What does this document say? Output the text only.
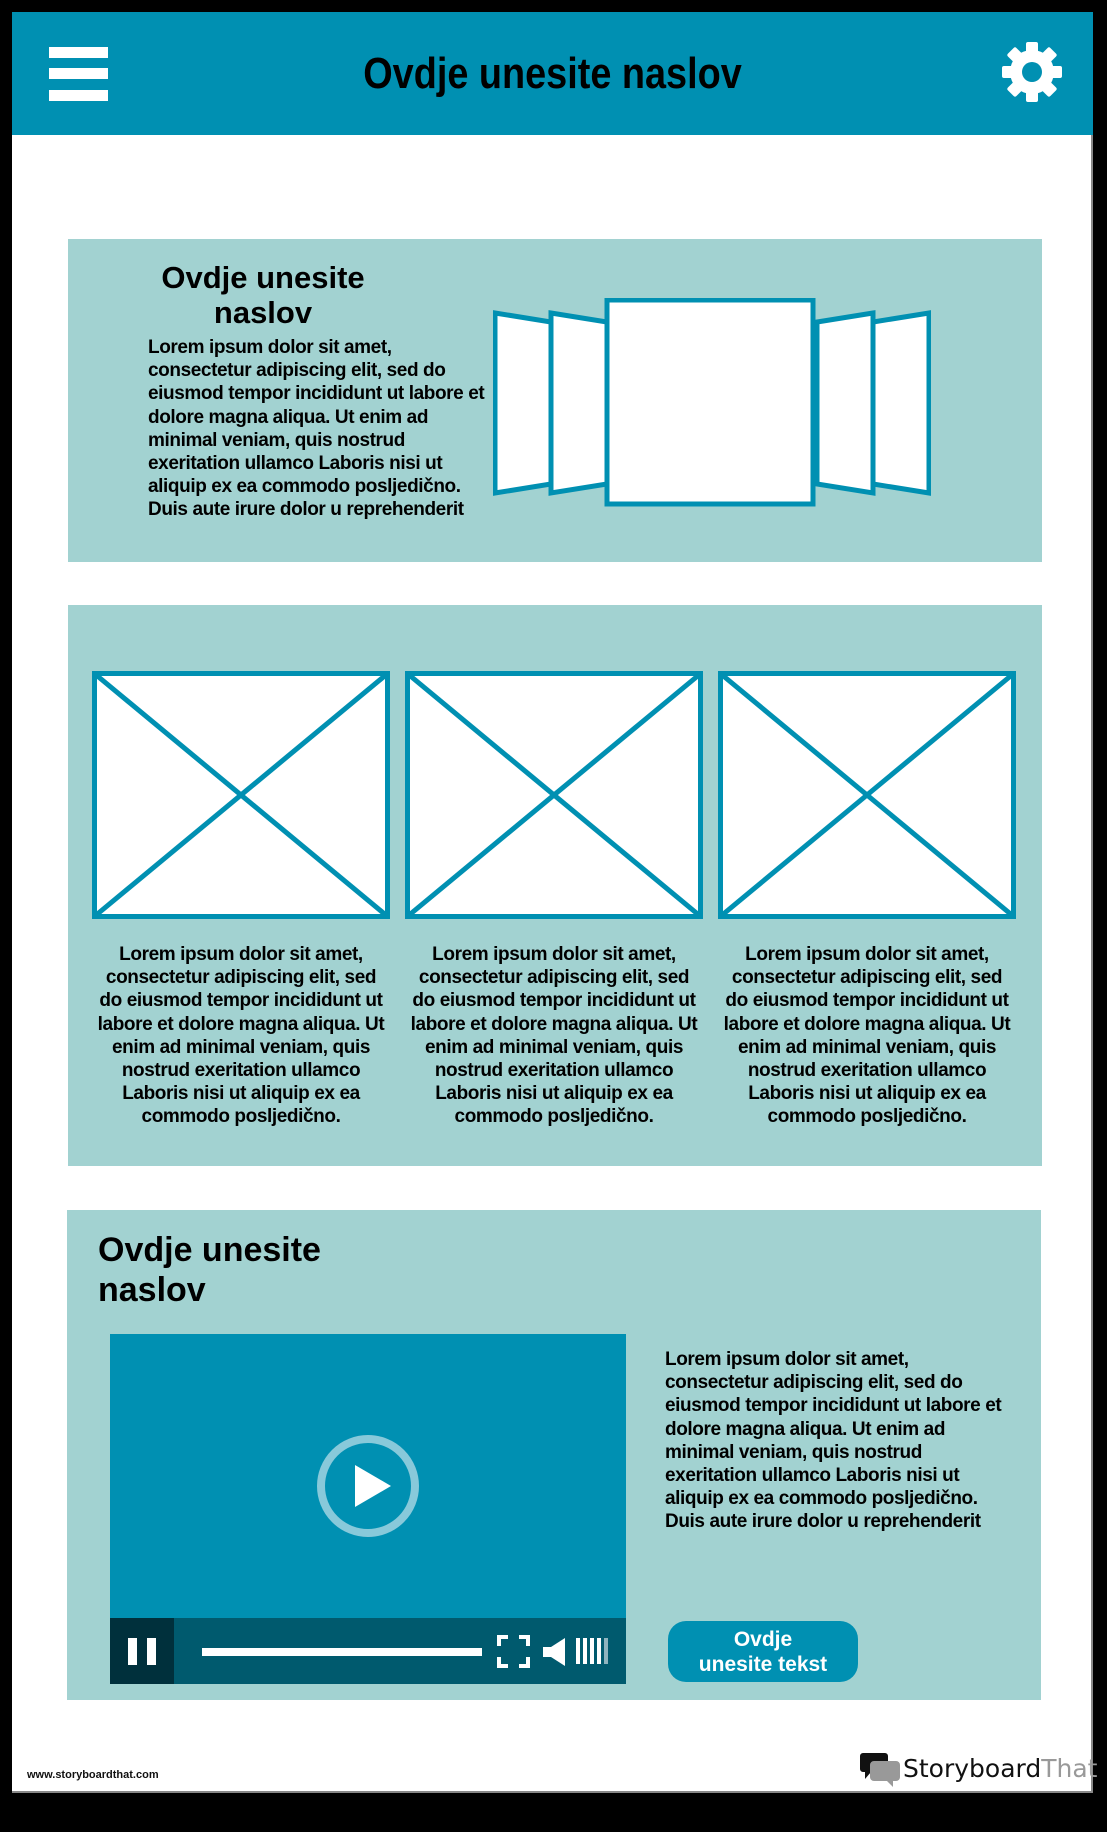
Ovdje unesite naslov
Ovdje unesite naslov
Lorem ipsum dolor sit amet, consectetur adipiscing elit, sed do eiusmod tempor incididunt ut labore et dolore magna aliqua. Ut enim ad minimal veniam, quis nostrud exeritation ullamco Laboris nisi ut aliquip ex ea commodo posljedično. Duis aute irure dolor u reprehenderit
Lorem ipsum dolor sit amet, consectetur adipiscing elit, sed do eiusmod tempor incididunt ut labore et dolore magna aliqua. Ut enim ad minimal veniam, quis nostrud exeritation ullamco Laboris nisi ut aliquip ex ea commodo posljedično.
Lorem ipsum dolor sit amet, consectetur adipiscing elit, sed do eiusmod tempor incididunt ut labore et dolore magna aliqua. Ut enim ad minimal veniam, quis nostrud exeritation ullamco Laboris nisi ut aliquip ex ea commodo posljedično.
Lorem ipsum dolor sit amet, consectetur adipiscing elit, sed do eiusmod tempor incididunt ut labore et dolore magna aliqua. Ut enim ad minimal veniam, quis nostrud exeritation ullamco Laboris nisi ut aliquip ex ea commodo posljedično.
Ovdje unesite naslov
Lorem ipsum dolor sit amet, consectetur adipiscing elit, sed do eiusmod tempor incididunt ut labore et dolore magna aliqua. Ut enim ad minimal veniam, quis nostrud exeritation ullamco Laboris nisi ut aliquip ex ea commodo posljedično. Duis aute irure dolor u reprehenderit
Ovdje unesite tekst
www.storyboardthat.com	StoryboardThat
